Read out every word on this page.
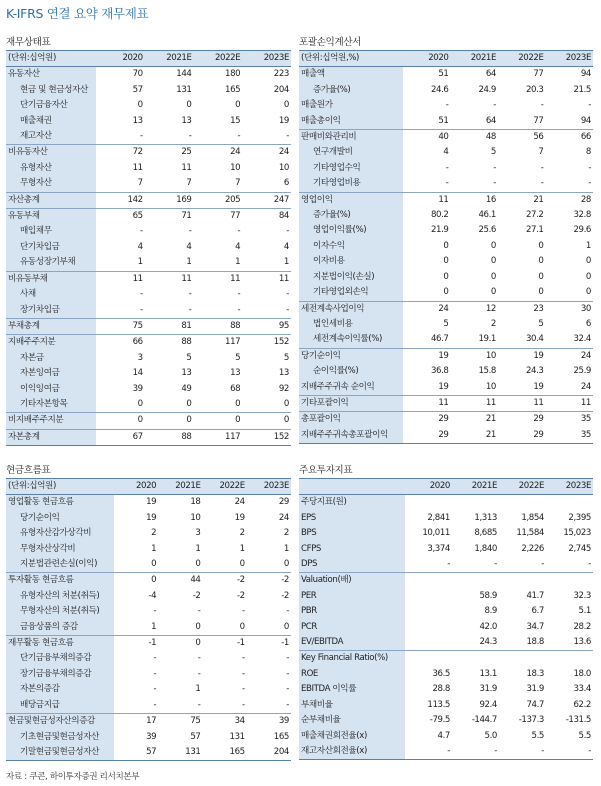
K-IFRS 연결 요약 재무제표
재무상태표
(단위:십억원)	2020	2021E	2022E	2023E
유동자산	70	144	180	223
현금 및 현금성자산	57	131	165	204
단기금융자산	0	0	0	0
매출채권	13	13	15	19
재고자산	-	-	-	-
비유동자산	72	25	24	24
유형자산	11	11	10	10
무형자산	7	7	7	6
자산총계	142	169	205	247
유동부채	65	71	77	84
매입채무	-	-	-	-
단기차입금	4	4	4	4
유동성장기부채	1	1	1	1
비유동부채	11	11	11	11
사채	-	-	-	-
장기차입금	-	-	-	-
부채총계	75	81	88	95
지배주주지분	66	88	117	152
자본금	3	5	5	5
자본잉여금	14	13	13	13
이익잉여금	39	49	68	92
기타자본항목	0	0	0	0
비지배주주지분	0	0	0	0
자본총계	67	88	117	152
포괄손익계산서
(단위:십억원,%)	2020	2021E	2022E	2023E
매출액	51	64	77	94
증가율(%)	24.6	24.9	20.3	21.5
매출원가	-	-	-	-
매출총이익	51	64	77	94
판매비와관리비	40	48	56	66
연구개발비	4	5	7	8
기타영업수익	-	-	-	-
기타영업비용	-	-	-	-
영업이익	11	16	21	28
증가율(%)	80.2	46.1	27.2	32.8
영업이익률(%)	21.9	25.6	27.1	29.6
이자수익	0	0	0	1
이자비용	0	0	0	0
지분법이익(손실)	0	0	0	0
기타영업외손익	0	0	0	0
세전계속사업이익	24	12	23	30
법인세비용	5	2	5	6
세전계속이익률(%)	46.7	19.1	30.4	32.4
당기순이익	19	10	19	24
순이익률(%)	36.8	15.8	24.3	25.9
지배주주귀속 순이익	19	10	19	24
기타포괄이익	11	11	11	11
총포괄이익	29	21	29	35
지배주주귀속총포괄이익	29	21	29	35
현금흐름표
(단위:십억원)	2020	2021E	2022E	2023E
영업활동 현금흐름	19	18	24	29
당기순이익	19	10	19	24
유형자산감가상각비	2	3	2	2
무형자산상각비	1	1	1	1
지분법관련손실(이익)	0	0	0	0
투자활동 현금흐름	0	44	-2	-2
유형자산의 처분(취득)	-4	-2	-2	-2
무형자산의 처분(취득)	-	-	-	-
금융상품의 증감	1	0	0	0
재무활동 현금흐름	-1	0	-1	-1
단기금융부채의증감	-	-	-	-
장기금융부채의증감	-	-	-	-
자본의증감	-	1	-	-
배당금지급	-	-	-	-
현금및현금성자산의증감	17	75	34	39
기초현금및현금성자산	39	57	131	165
기말현금및현금성자산	57	131	165	204
주요투자지표
	2020	2021E	2022E	2023E
주당지표(원)				
EPS	2,841	1,313	1,854	2,395
BPS	10,011	8,685	11,584	15,023
CFPS	3,374	1,840	2,226	2,745
DPS	-	-	-	-
Valuation(배)				
PER		58.9	41.7	32.3
PBR		8.9	6.7	5.1
PCR		42.0	34.7	28.2
EV/EBITDA		24.3	18.8	13.6
Key Financial Ratio(%)				
ROE	36.5	13.1	18.3	18.0
EBITDA 이익률	28.8	31.9	31.9	33.4
부채비율	113.5	92.4	74.7	62.2
순부채비율	-79.5	-144.7	-137.3	-131.5
매출채권회전율(x)	4.7	5.0	5.5	5.5
재고자산회전율(x)	-	-	-	-
자료 : 쿠콘, 하이투자증권 리서치본부
